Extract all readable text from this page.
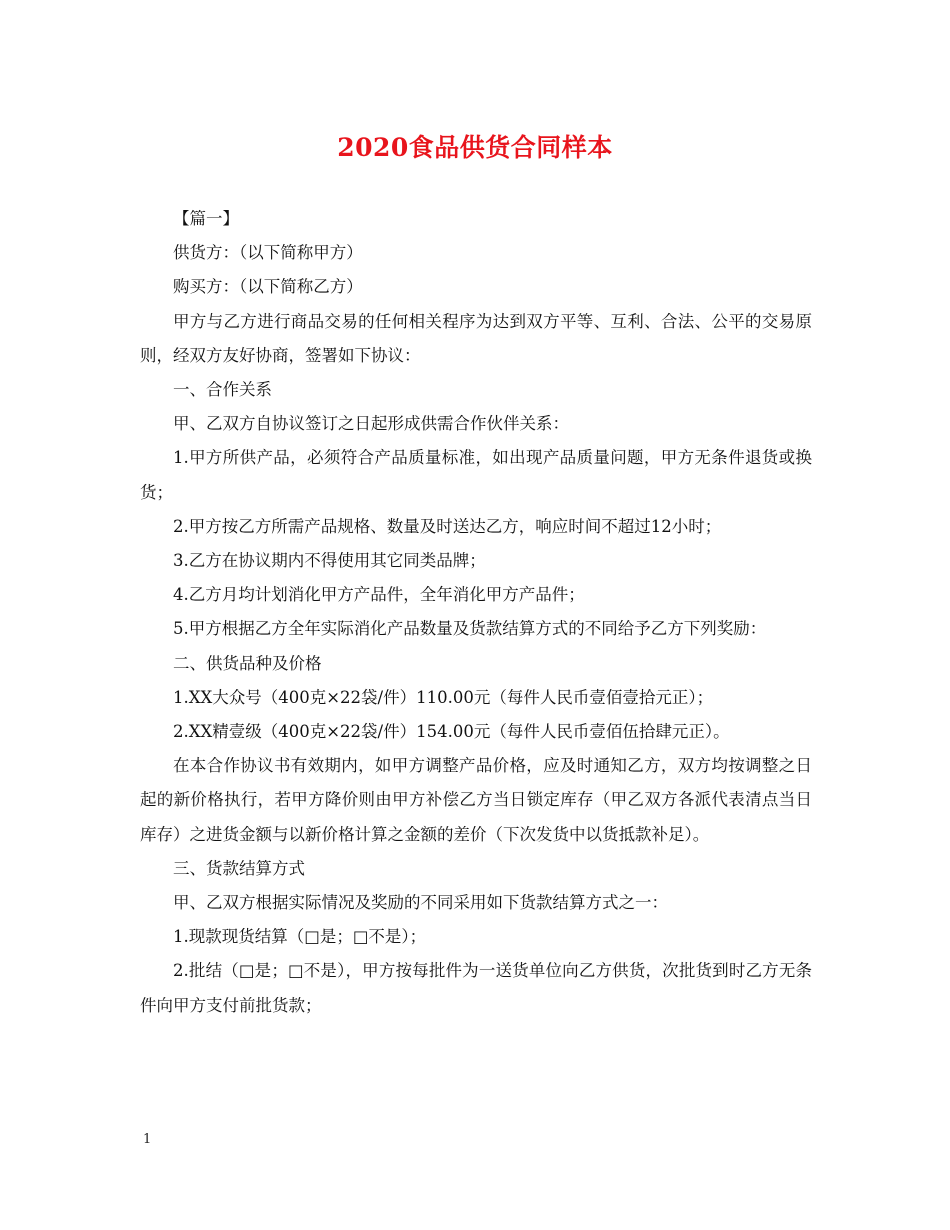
2020食品供货合同样本

【篇一】

供货方：（以下简称甲方）

购买方：（以下简称乙方）

甲方与乙方进行商品交易的任何相关程序为达到双方平等、互利、合法、公平的交易原则，经双方友好协商，签署如下协议：

一、合作关系

甲、乙双方自协议签订之日起形成供需合作伙伴关系：

1.甲方所供产品，必须符合产品质量标准，如出现产品质量问题，甲方无条件退货或换货；

2.甲方按乙方所需产品规格、数量及时送达乙方，响应时间不超过12小时；

3.乙方在协议期内不得使用其它同类品牌；

4.乙方月均计划消化甲方产品件，全年消化甲方产品件；

5.甲方根据乙方全年实际消化产品数量及货款结算方式的不同给予乙方下列奖励：

二、供货品种及价格

1.XX大众号（400克×22袋/件）110.00元（每件人民币壹佰壹拾元正）；

2.XX精壹级（400克×22袋/件）154.00元（每件人民币壹佰伍拾肆元正）。

在本合作协议书有效期内，如甲方调整产品价格，应及时通知乙方，双方均按调整之日起的新价格执行，若甲方降价则由甲方补偿乙方当日锁定库存（甲乙双方各派代表清点当日库存）之进货金额与以新价格计算之金额的差价（下次发货中以货抵款补足）。

三、货款结算方式

甲、乙双方根据实际情况及奖励的不同采用如下货款结算方式之一：

1.现款现货结算（□是；□不是）；

2.批结（□是；□不是），甲方按每批件为一送货单位向乙方供货，次批货到时乙方无条件向甲方支付前批货款；

1
